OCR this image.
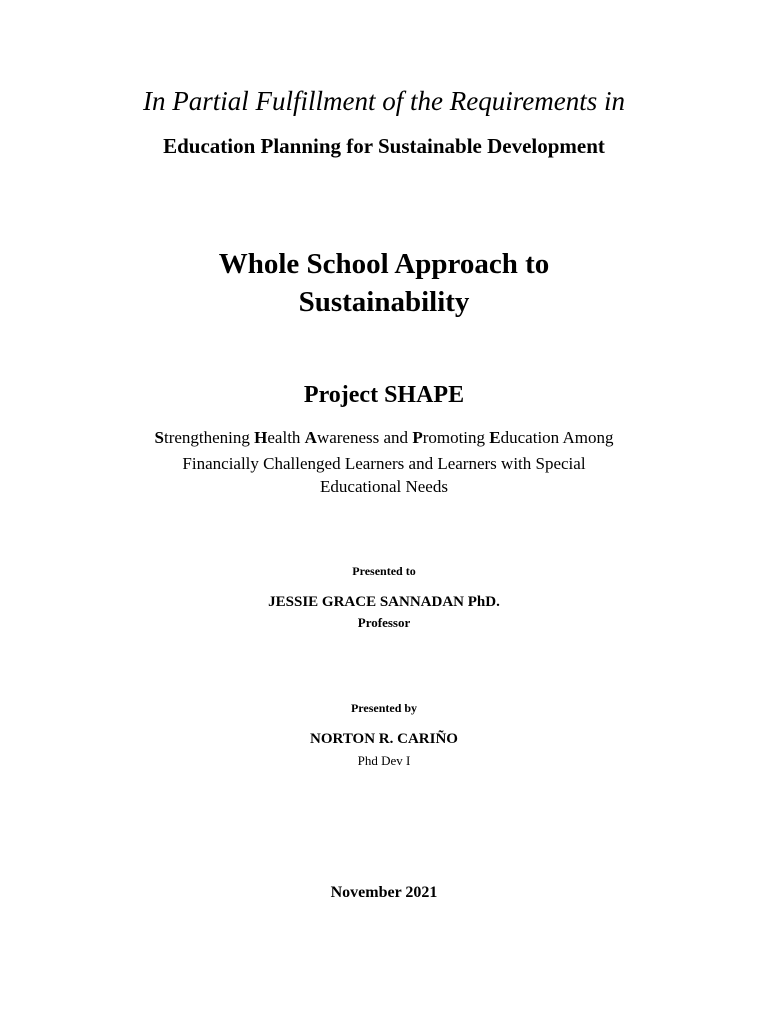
In Partial Fulfillment of the Requirements in
Education Planning for Sustainable Development
Whole School Approach to
Sustainability
Project SHAPE
Strengthening Health Awareness and Promoting Education Among
Financially Challenged Learners and Learners with Special
Educational Needs
Presented to
JESSIE GRACE SANNADAN PhD.
Professor
Presented by
NORTON R. CARIÑO
Phd Dev I
November 2021
